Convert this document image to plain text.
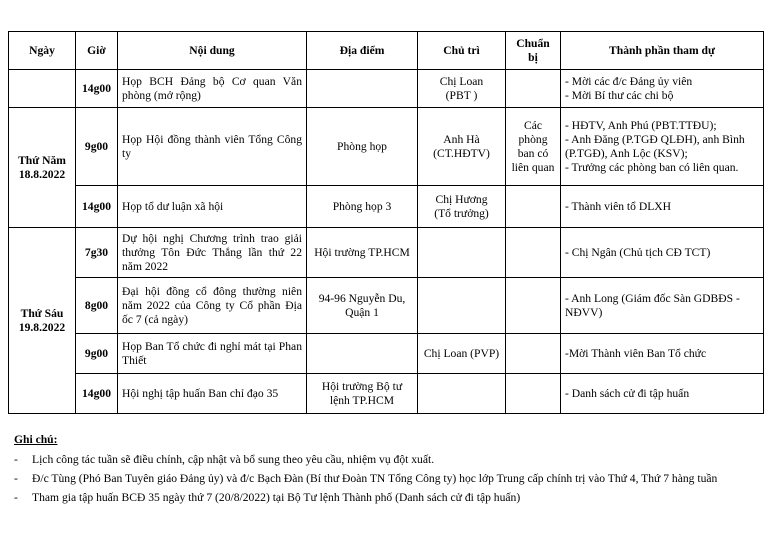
Ngày	Giờ	Nội dung	Địa điểm	Chủ trì	Chuẩn bị	Thành phần tham dự
	14g00	Họp BCH Đảng bộ Cơ quan Văn phòng (mở rộng)		Chị Loan
(PBT )		- Mời các đ/c Đảng ủy viên
- Mời Bí thư các chi bộ

Thứ Năm 18.8.2022	9g00	Họp Hội đồng thành viên Tổng Công ty	Phòng họp	Anh Hà
(CT.HĐTV)	Các phòng ban có liên quan	- HĐTV, Anh Phú (PBT.TTĐU);
- Anh Đăng (P.TGĐ QLĐH), anh Bình (P.TGĐ), Anh Lộc (KSV);
- Trưởng các phòng ban có liên quan.

	14g00	Họp tổ dư luận xã hội	Phòng họp 3	Chị Hương
(Tổ trưởng)		- Thành viên tổ DLXH

Thứ Sáu 19.8.2022	7g30	Dự hội nghị Chương trình trao giải thưởng Tôn Đức Thắng lần thứ 22 năm 2022	Hội trường TP.HCM			- Chị Ngân (Chủ tịch CĐ TCT)

	8g00	Đại hội đồng cổ đông thường niên năm 2022 của Công ty Cổ phần Địa ốc 7 (cả ngày)	94-96 Nguyễn Du, Quận 1			- Anh Long (Giám đốc Sàn GDBĐS - NĐVV)

	9g00	Họp Ban Tổ chức đi nghỉ mát tại Phan Thiết		Chị Loan (PVP)		-Mời Thành viên Ban Tổ chức

	14g00	Hội nghị tập huấn Ban chỉ đạo 35	Hội trường Bộ tư lệnh TP.HCM			- Danh sách cử đi tập huấn
Ghi chú:
-	Lịch công tác tuần sẽ điều chỉnh, cập nhật và bổ sung theo yêu cầu, nhiệm vụ đột xuất.
-	Đ/c Tùng (Phó Ban Tuyên giáo Đảng ủy) và đ/c Bạch Đàn (Bí thư Đoàn TN Tổng Công ty) học lớp Trung cấp chính trị vào Thứ 4, Thứ 7 hàng tuần
-	Tham gia tập huấn BCĐ 35 ngày thứ 7 (20/8/2022) tại Bộ Tư lệnh Thành phố (Danh sách cử đi tập huấn)
